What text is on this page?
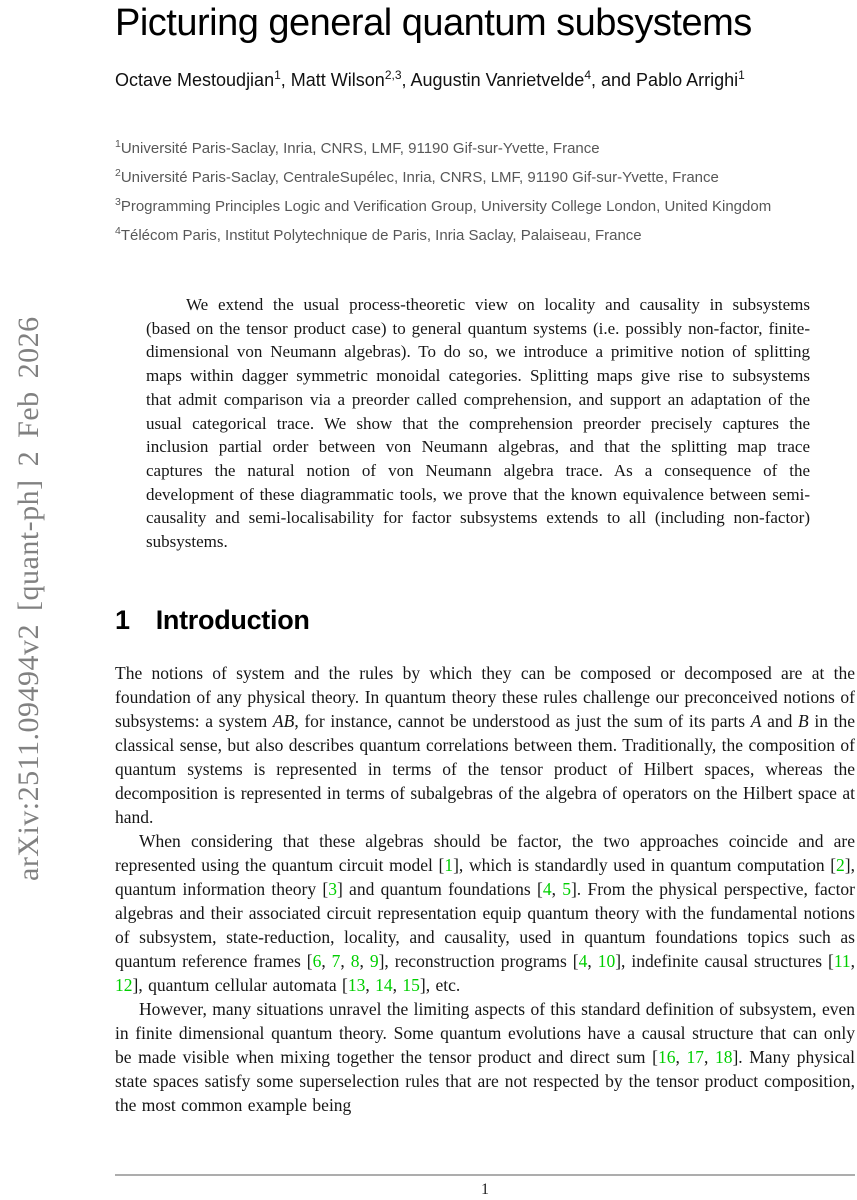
arXiv:2511.09494v2 [quant-ph] 2 Feb 2026
Picturing general quantum subsystems
Octave Mestoudjian$^1$, Matt Wilson$^{2,3}$, Augustin Vanrietvelde$^4$, and Pablo Arrighi$^1$
$^1$Université Paris-Saclay, Inria, CNRS, LMF, 91190 Gif-sur-Yvette, France
$^2$Université Paris-Saclay, CentraleSupélec, Inria, CNRS, LMF, 91190 Gif-sur-Yvette, France
$^3$Programming Principles Logic and Verification Group, University College London, United Kingdom
$^4$Télécom Paris, Institut Polytechnique de Paris, Inria Saclay, Palaiseau, France
We extend the usual process-theoretic view on locality and causality in subsystems (based on the tensor product case) to general quantum systems (i.e. possibly non-factor, finite-dimensional von Neumann algebras). To do so, we introduce a primitive notion of splitting maps within dagger symmetric monoidal categories. Splitting maps give rise to subsystems that admit comparison via a preorder called comprehension, and support an adaptation of the usual categorical trace. We show that the comprehension preorder precisely captures the inclusion partial order between von Neumann algebras, and that the splitting map trace captures the natural notion of von Neumann algebra trace. As a consequence of the development of these diagrammatic tools, we prove that the known equivalence between semi-causality and semi-localisability for factor subsystems extends to all (including non-factor) subsystems.
1 Introduction

The notions of system and the rules by which they can be composed or decomposed are at the foundation of any physical theory. In quantum theory these rules challenge our preconceived notions of subsystems: a system AB, for instance, cannot be understood as just the sum of its parts A and B in the classical sense, but also describes quantum correlations between them. Traditionally, the composition of quantum systems is represented in terms of the tensor product of Hilbert spaces, whereas the decomposition is represented in terms of subalgebras of the algebra of operators on the Hilbert space at hand.

When considering that these algebras should be factor, the two approaches coincide and are represented using the quantum circuit model [1], which is standardly used in quantum computation [2], quantum information theory [3] and quantum foundations [4, 5]. From the physical perspective, factor algebras and their associated circuit representation equip quantum theory with the fundamental notions of subsystem, state-reduction, locality, and causality, used in quantum foundations topics such as quantum reference frames [6, 7, 8, 9], reconstruction programs [4, 10], indefinite causal structures [11, 12], quantum cellular automata [13, 14, 15], etc.

However, many situations unravel the limiting aspects of this standard definition of subsystem, even in finite dimensional quantum theory. Some quantum evolutions have a causal structure that can only be made visible when mixing together the tensor product and direct sum [16, 17, 18]. Many physical state spaces satisfy some superselection rules that are not respected by the tensor product composition, the most common example being

1
